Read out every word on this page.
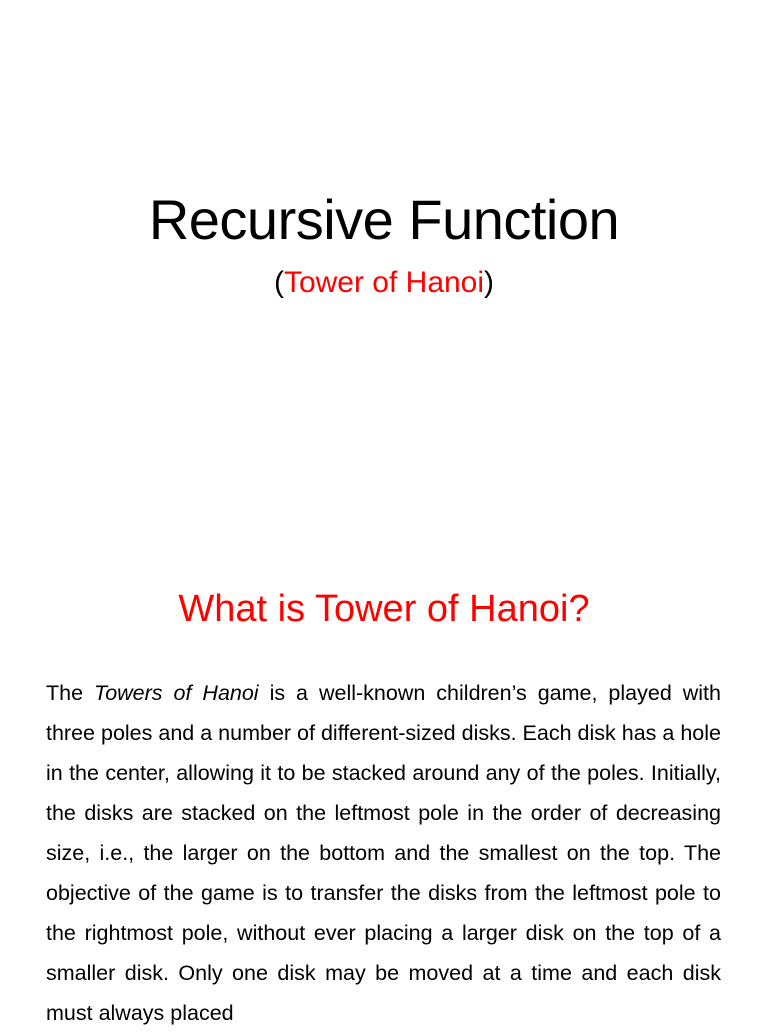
Recursive Function

(Tower of Hanoi)

What is Tower of Hanoi?

The Towers of Hanoi is a well-known children’s game, played with three poles and a number of different-sized disks. Each disk has a hole in the center, allowing it to be stacked around any of the poles. Initially, the disks are stacked on the leftmost pole in the order of decreasing size, i.e., the larger on the bottom and the smallest on the top. The objective of the game is to transfer the disks from the leftmost pole to the rightmost pole, without ever placing a larger disk on the top of a smaller disk. Only one disk may be moved at a time and each disk must always placed
